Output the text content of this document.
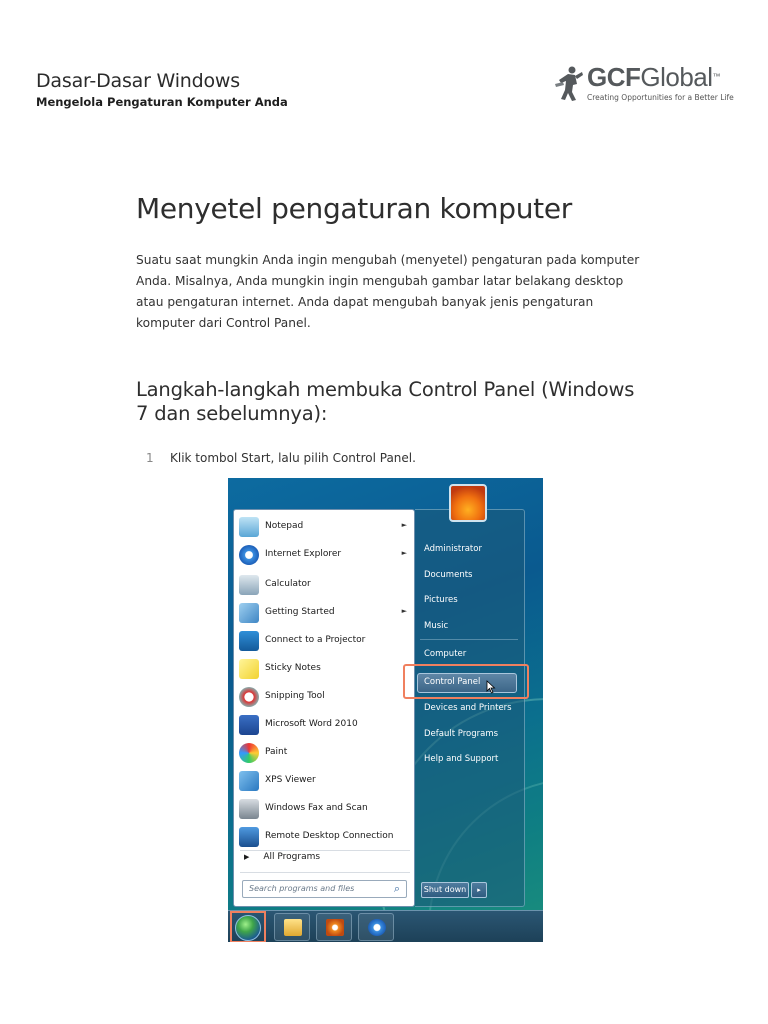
Dasar-Dasar Windows
Mengelola Pengaturan Komputer Anda
GCFGlobal™
Creating Opportunities for a Better Life
Menyetel pengaturan komputer
Suatu saat mungkin Anda ingin mengubah (menyetel) pengaturan pada komputer Anda. Misalnya, Anda mungkin ingin mengubah gambar latar belakang desktop atau pengaturan internet. Anda dapat mengubah banyak jenis pengaturan komputer dari Control Panel.
Langkah-langkah membuka Control Panel (Windows 7 dan sebelumnya):
1 Klik tombol Start, lalu pilih Control Panel.
Notepad	►
Internet Explorer	►
Calculator
Getting Started	►
Connect to a Projector
Sticky Notes
Snipping Tool
Microsoft Word 2010
Paint
XPS Viewer
Windows Fax and Scan
Remote Desktop Connection
▶ All Programs
Search programs and files	⌕
Administrator
Documents
Pictures
Music
Computer
Control Panel
Devices and Printers
Default Programs
Help and Support
Shut down	▸
